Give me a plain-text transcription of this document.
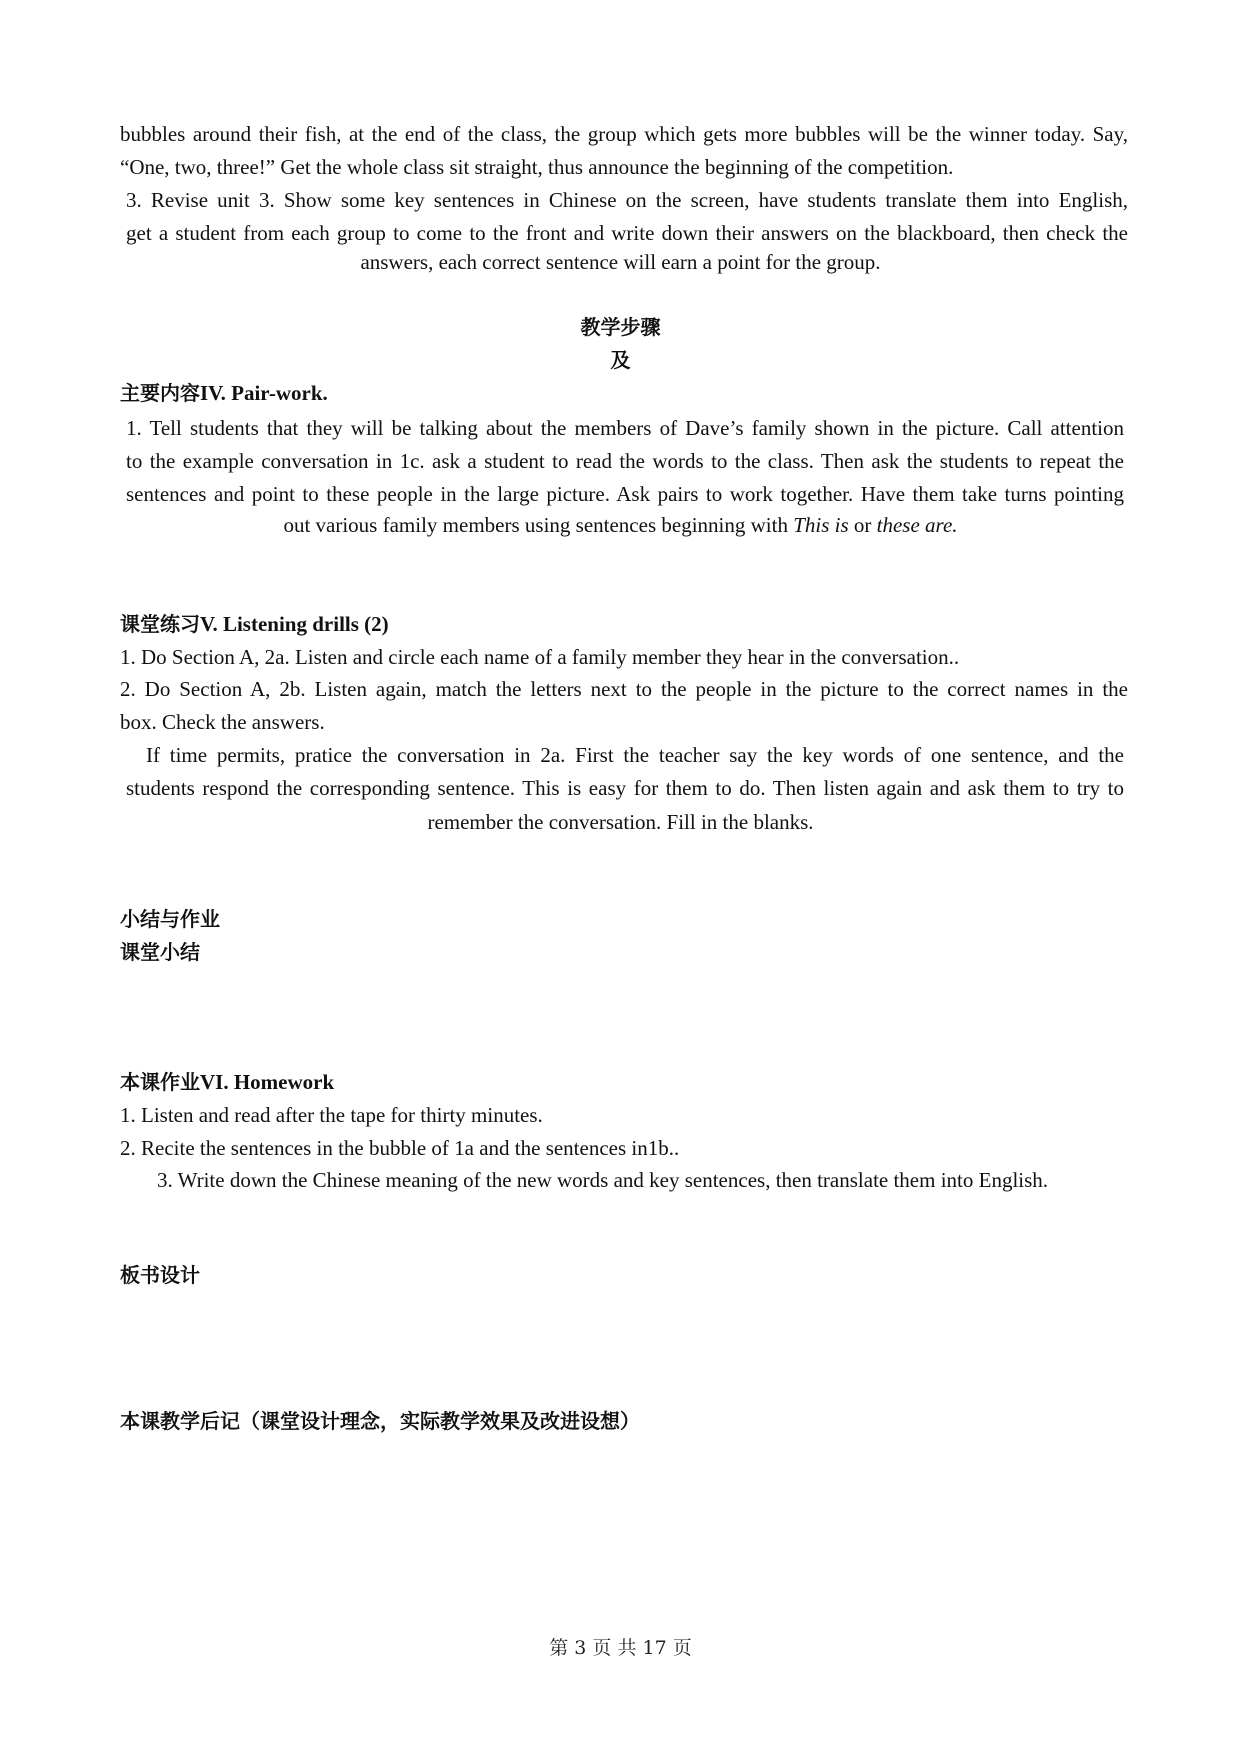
bubbles around their fish, at the end of the class, the group which gets more bubbles will be the winner today. Say,
“One, two, three!” Get the whole class sit straight, thus announce the beginning of the competition.
3. Revise unit 3. Show some key sentences in Chinese on the screen, have students translate them into English,
get a student from each group to come to the front and write down their answers on the blackboard, then check the
answers, each correct sentence will earn a point for the group.
教学步骤
及
主要内容IV. Pair-work.
1. Tell students that they will be talking about the members of Dave’s family shown in the picture. Call attention
to the example conversation in 1c. ask a student to read the words to the class. Then ask the students to repeat the
sentences and point to these people in the large picture. Ask pairs to work together. Have them take turns pointing
out various family members using sentences beginning with This is or these are.
课堂练习V. Listening drills (2)
1. Do Section A, 2a. Listen and circle each name of a family member they hear in the conversation..
2. Do Section A, 2b. Listen again, match the letters next to the people in the picture to the correct names in the
box. Check the answers.
If time permits, pratice the conversation in 2a. First the teacher say the key words of one sentence, and the
students respond the corresponding sentence. This is easy for them to do. Then listen again and ask them to try to
remember the conversation. Fill in the blanks.
小结与作业
课堂小结
本课作业VI. Homework
1. Listen and read after the tape for thirty minutes.
2. Recite the sentences in the bubble of 1a and the sentences in1b..
3. Write down the Chinese meaning of the new words and key sentences, then translate them into English.
板书设计
本课教学后记（课堂设计理念，实际教学效果及改进设想）
第 3 页 共 17 页
